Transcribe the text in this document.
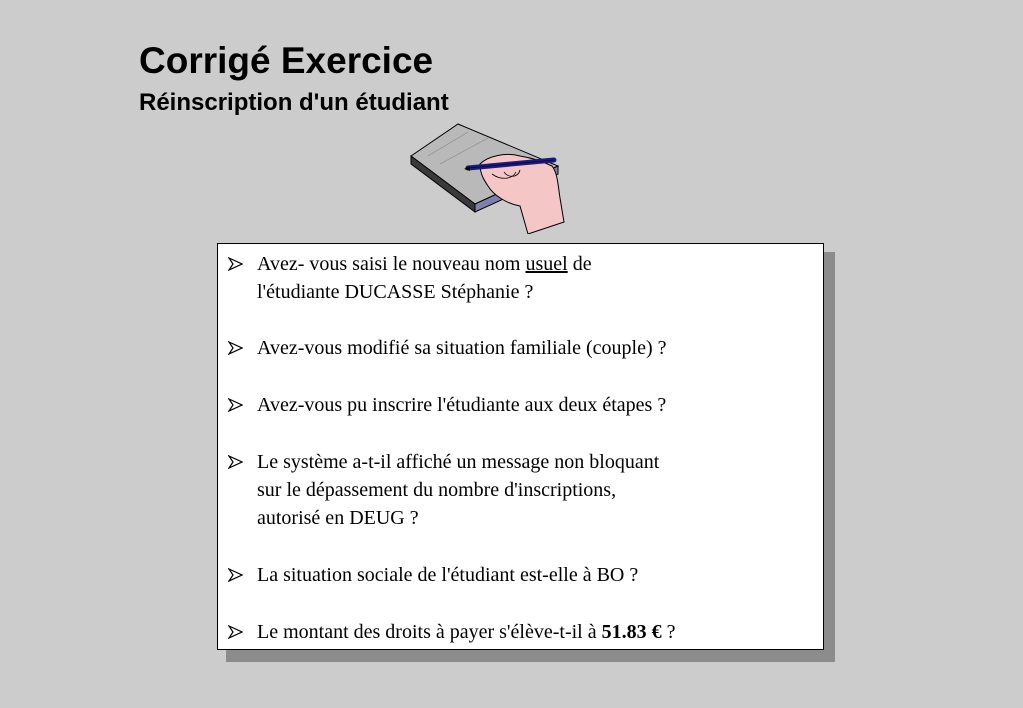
Corrigé Exercice
Réinscription d'un étudiant
Avez- vous saisi le nouveau nom usuel de
l'étudiante DUCASSE Stéphanie ?
Avez-vous modifié sa situation familiale (couple) ?
Avez-vous pu inscrire l'étudiante aux deux étapes ?
Le système a-t-il affiché un message non bloquant
sur le dépassement du nombre d'inscriptions,
autorisé en DEUG ?
La situation sociale de l'étudiant est-elle à BO ?
Le montant des droits à payer s'élève-t-il à 51.83 € ?
